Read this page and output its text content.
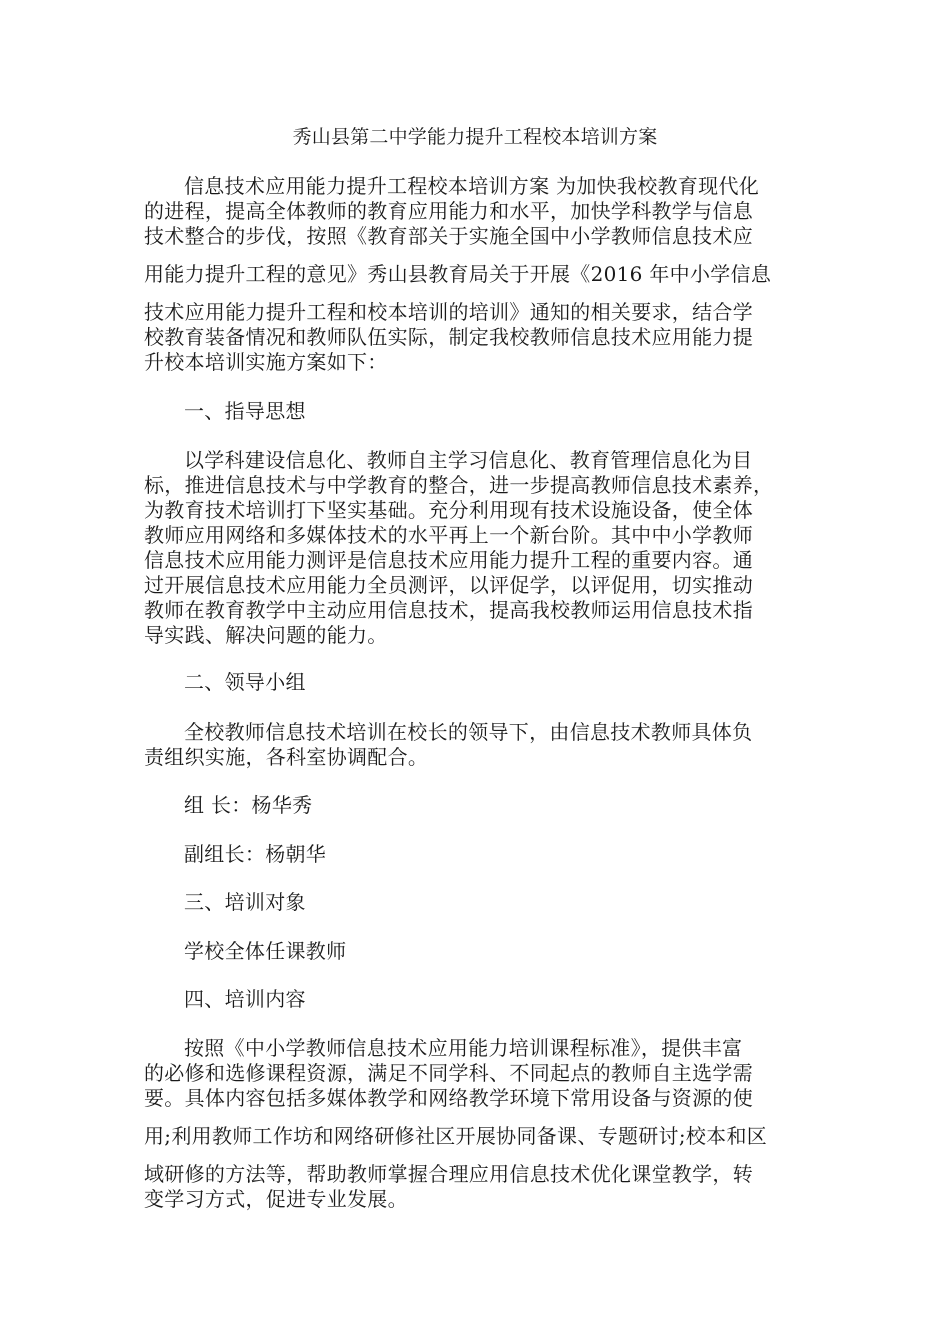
秀山县第二中学能力提升工程校本培训方案
信息技术应用能力提升工程校本培训方案 为加快我校教育现代化
的进程，提高全体教师的教育应用能力和水平，加快学科教学与信息
技术整合的步伐，按照《教育部关于实施全国中小学教师信息技术应
用能力提升工程的意见》秀山县教育局关于开展《2016 年中小学信息
技术应用能力提升工程和校本培训的培训》通知的相关要求，结合学
校教育装备情况和教师队伍实际，制定我校教师信息技术应用能力提
升校本培训实施方案如下：
一、指导思想
以学科建设信息化、教师自主学习信息化、教育管理信息化为目
标，推进信息技术与中学教育的整合，进一步提高教师信息技术素养，
为教育技术培训打下坚实基础。充分利用现有技术设施设备，使全体
教师应用网络和多媒体技术的水平再上一个新台阶。其中中小学教师
信息技术应用能力测评是信息技术应用能力提升工程的重要内容。通
过开展信息技术应用能力全员测评，以评促学，以评促用，切实推动
教师在教育教学中主动应用信息技术，提高我校教师运用信息技术指
导实践、解决问题的能力。
二、领导小组
全校教师信息技术培训在校长的领导下，由信息技术教师具体负
责组织实施，各科室协调配合。
组 长：杨华秀
副组长：杨朝华
三、培训对象
学校全体任课教师
四、培训内容
按照《中小学教师信息技术应用能力培训课程标准》，提供丰富
的必修和选修课程资源，满足不同学科、不同起点的教师自主选学需
要。具体内容包括多媒体教学和网络教学环境下常用设备与资源的使
用;利用教师工作坊和网络研修社区开展协同备课、专题研讨;校本和区
域研修的方法等，帮助教师掌握合理应用信息技术优化课堂教学，转
变学习方式，促进专业发展。
